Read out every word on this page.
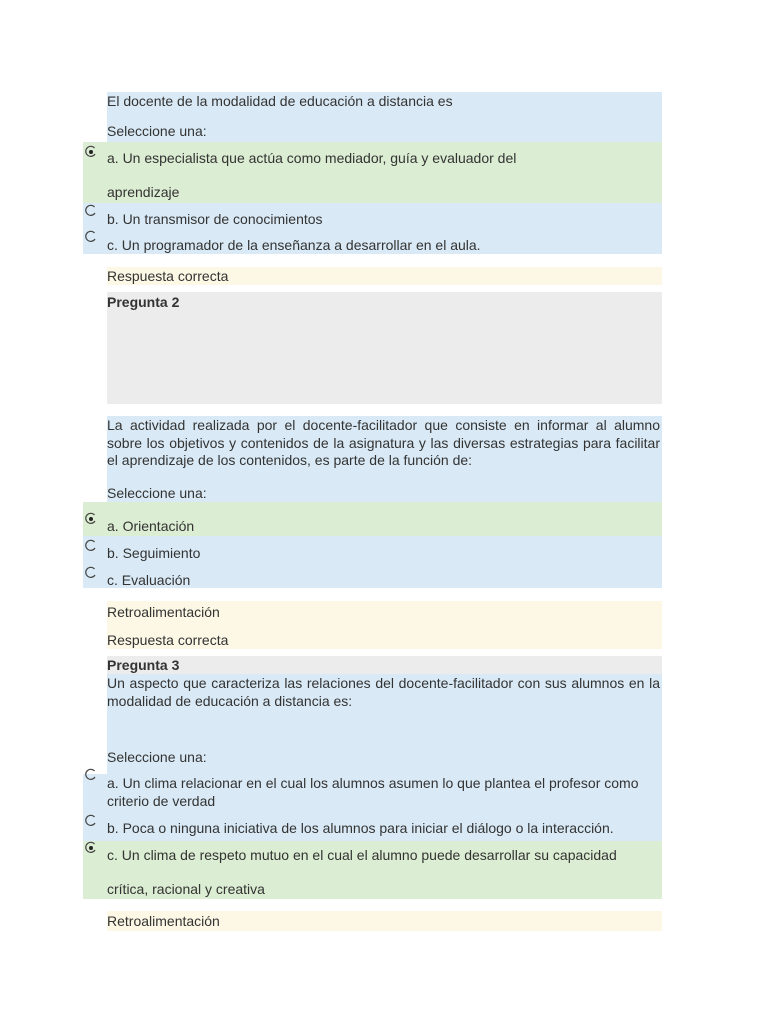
El docente de la modalidad de educación a distancia es
Seleccione una:
a. Un especialista que actúa como mediador, guía y evaluador del
aprendizaje
b. Un transmisor de conocimientos
c. Un programador de la enseñanza a desarrollar en el aula.
Respuesta correcta
Pregunta 2
La actividad realizada por el docente-facilitador que consiste en informar al alumno sobre los objetivos y contenidos de la asignatura y las diversas estrategias para facilitar el aprendizaje de los contenidos, es parte de la función de:
Seleccione una:
a. Orientación
b. Seguimiento
c. Evaluación
Retroalimentación
Respuesta correcta
Pregunta 3
Un aspecto que caracteriza las relaciones del docente-facilitador con sus alumnos en la modalidad de educación a distancia es:
Seleccione una:
a. Un clima relacionar en el cual los alumnos asumen lo que plantea el profesor como criterio de verdad
b. Poca o ninguna iniciativa de los alumnos para iniciar el diálogo o la interacción.
c. Un clima de respeto mutuo en el cual el alumno puede desarrollar su capacidad
crítica, racional y creativa
Retroalimentación
